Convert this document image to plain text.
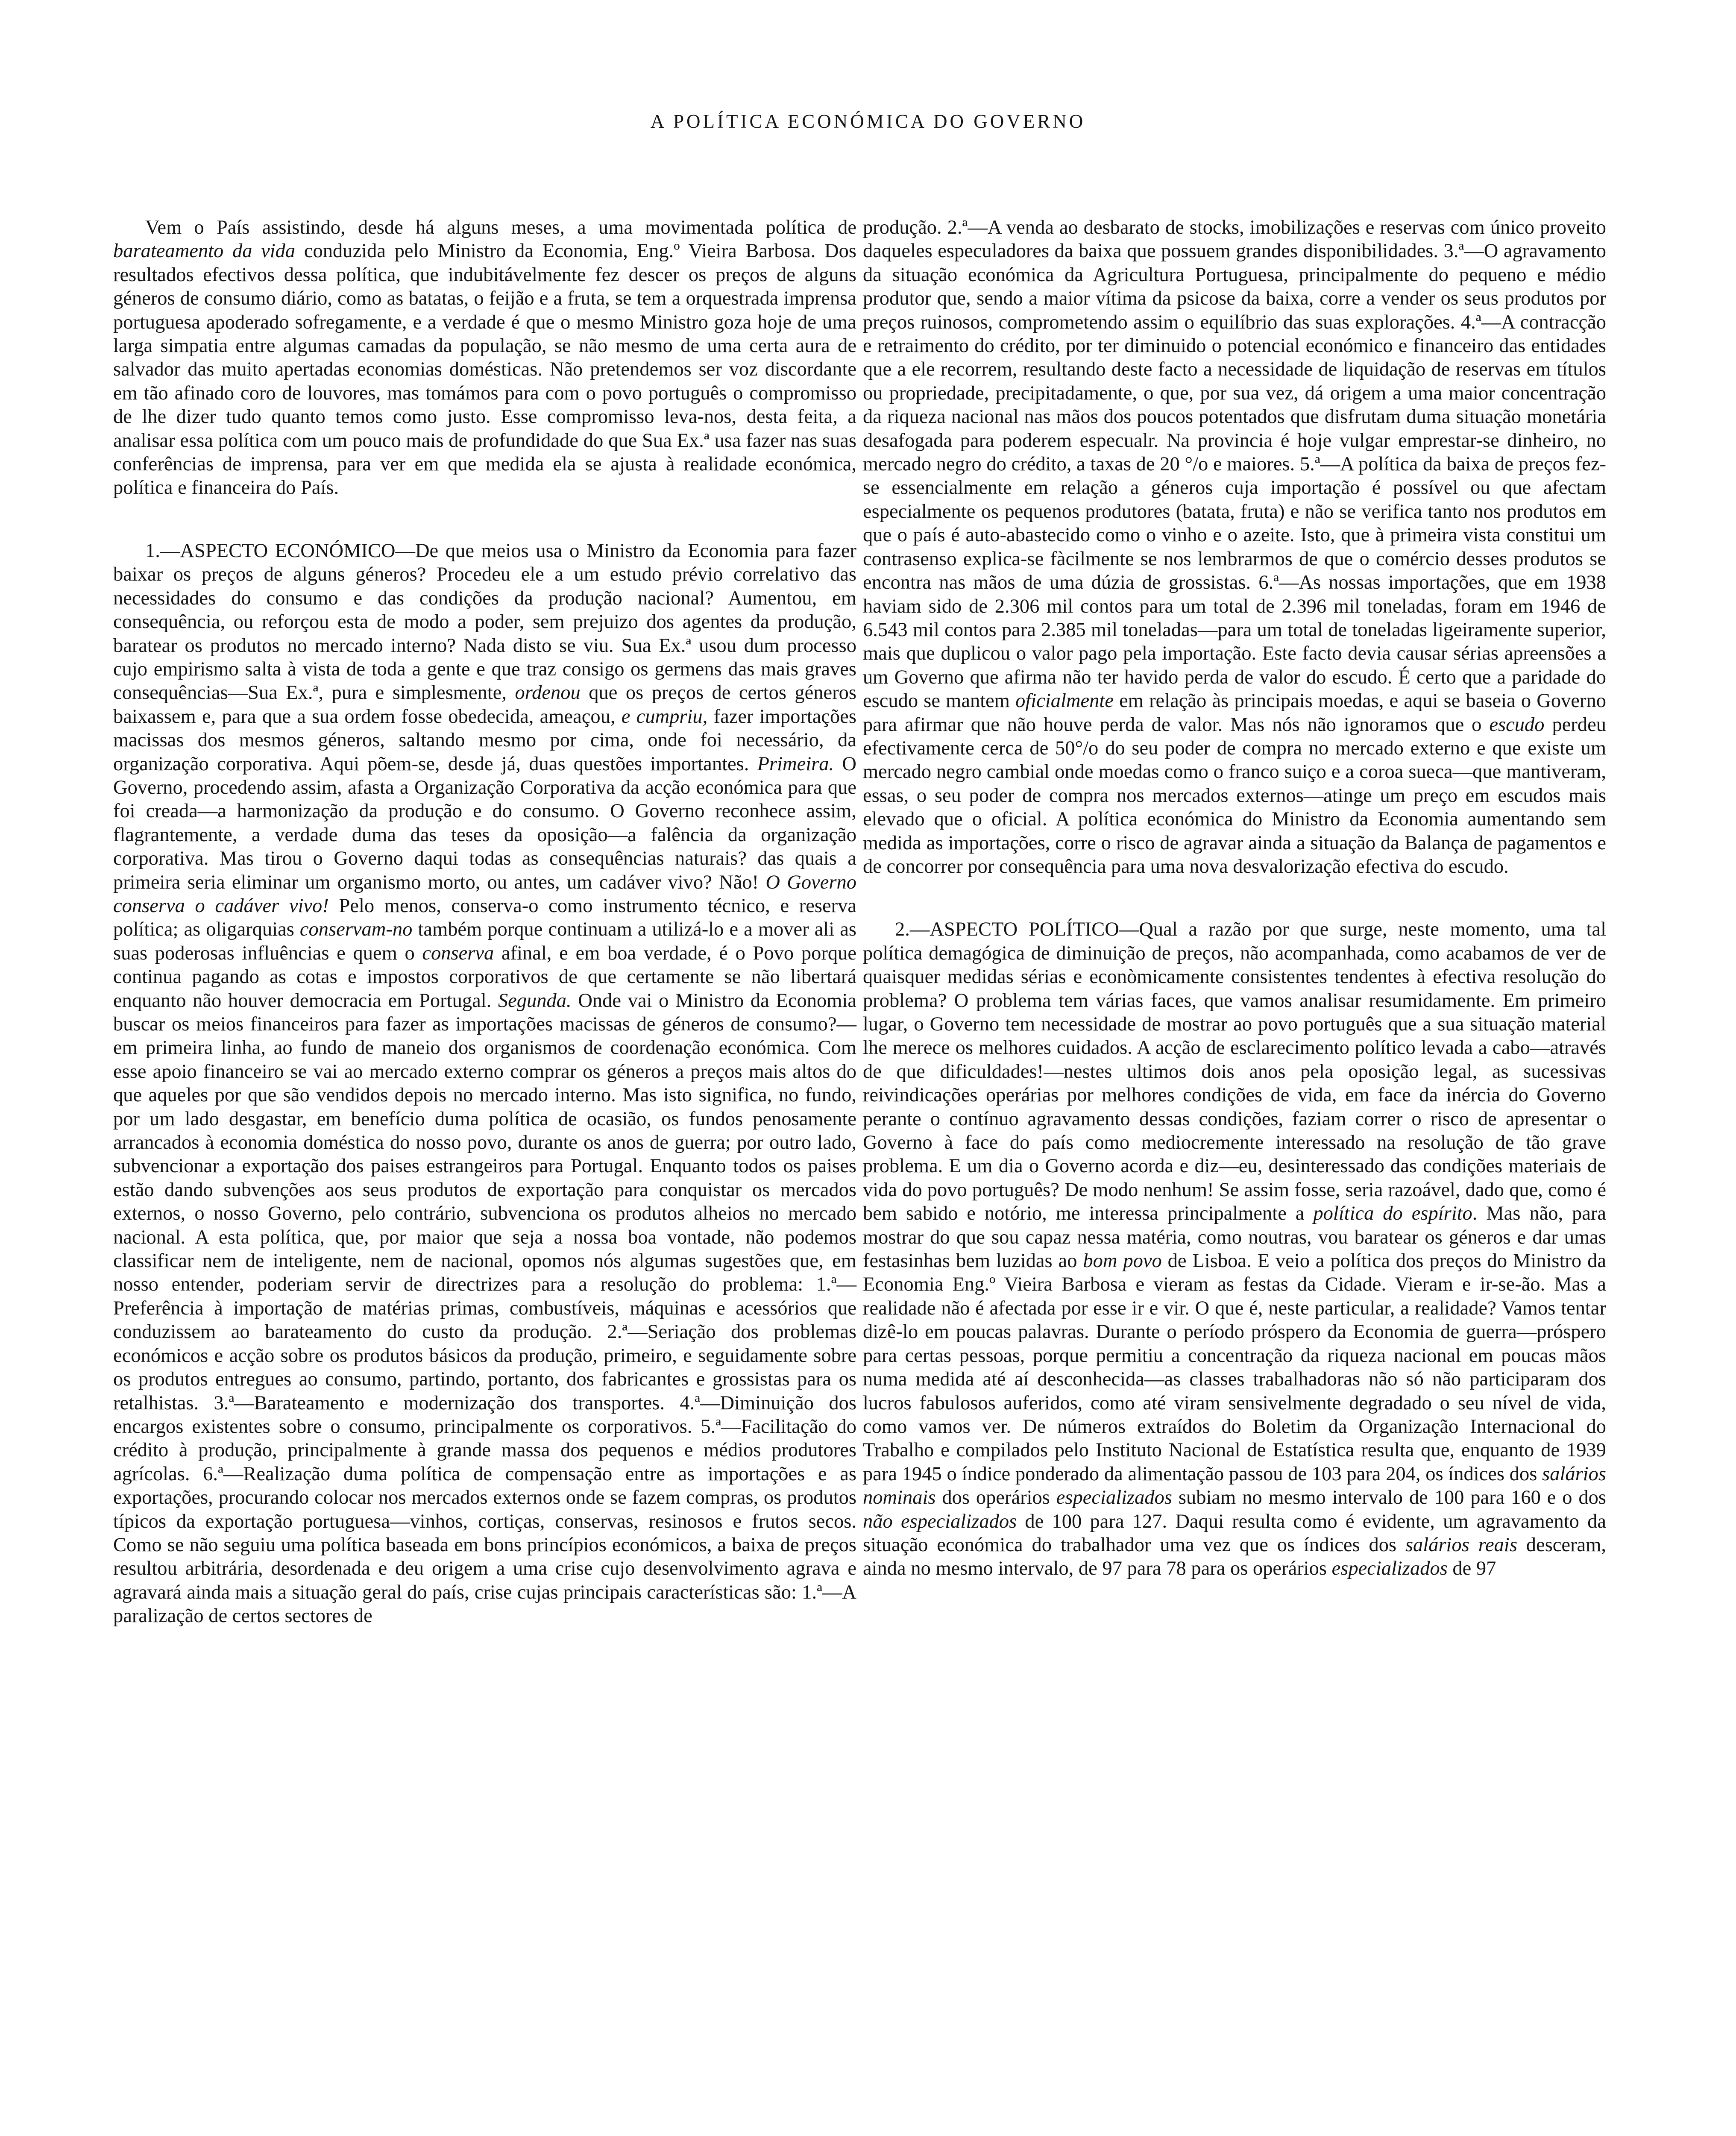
A POLÍTICA ECONÓMICA DO GOVERNO

Vem o País assistindo, desde há alguns meses, a uma movimentada política de barateamento da vida conduzida pelo Ministro da Economia, Eng.º Vieira Barbosa. Dos resultados efectivos dessa política, que indubitávelmente fez descer os preços de alguns géneros de consumo diário, como as batatas, o feijão e a fruta, se tem a orquestrada imprensa portuguesa apoderado sofregamente, e a verdade é que o mesmo Ministro goza hoje de uma larga simpatia entre algumas camadas da população, se não mesmo de uma certa aura de salvador das muito apertadas economias domésticas. Não pretendemos ser voz discordante em tão afinado coro de louvores, mas tomámos para com o povo português o compromisso de lhe dizer tudo quanto temos como justo. Esse compromisso leva-nos, desta feita, a analisar essa política com um pouco mais de profundidade do que Sua Ex.ª usa fazer nas suas conferências de imprensa, para ver em que medida ela se ajusta à realidade económica, política e financeira do País.

1.—ASPECTO ECONÓMICO—De que meios usa o Ministro da Economia para fazer baixar os preços de alguns géneros? Procedeu ele a um estudo prévio correlativo das necessidades do consumo e das condições da produção nacional? Aumentou, em consequência, ou reforçou esta de modo a poder, sem prejuizo dos agentes da produção, baratear os produtos no mercado interno? Nada disto se viu. Sua Ex.ª usou dum processo cujo empirismo salta à vista de toda a gente e que traz consigo os germens das mais graves consequências—Sua Ex.ª, pura e simplesmente, ordenou que os preços de certos géneros baixassem e, para que a sua ordem fosse obedecida, ameaçou, e cumpriu, fazer importações macissas dos mesmos géneros, saltando mesmo por cima, onde foi necessário, da organização corporativa. Aqui põem-se, desde já, duas questões importantes. Primeira. O Governo, procedendo assim, afasta a Organização Corporativa da acção económica para que foi creada—a harmonização da produção e do consumo. O Governo reconhece assim, flagrantemente, a verdade duma das teses da oposição—a falência da organização corporativa. Mas tirou o Governo daqui todas as consequências naturais? das quais a primeira seria eliminar um organismo morto, ou antes, um cadáver vivo? Não! O Governo conserva o cadáver vivo! Pelo menos, conserva-o como instrumento técnico, e reserva política; as oligarquias conservam-no também porque continuam a utilizá-lo e a mover ali as suas poderosas influências e quem o conserva afinal, e em boa verdade, é o Povo porque continua pagando as cotas e impostos corporativos de que certamente se não libertará enquanto não houver democracia em Portugal. Segunda. Onde vai o Ministro da Economia buscar os meios financeiros para fazer as importações macissas de géneros de consumo?—em primeira linha, ao fundo de maneio dos organismos de coordenação económica. Com esse apoio financeiro se vai ao mercado externo comprar os géneros a preços mais altos do que aqueles por que são vendidos depois no mercado interno. Mas isto significa, no fundo, por um lado desgastar, em benefício duma política de ocasião, os fundos penosamente arrancados à economia doméstica do nosso povo, durante os anos de guerra; por outro lado, subvencionar a exportação dos paises estrangeiros para Portugal. Enquanto todos os paises estão dando subvenções aos seus produtos de exportação para conquistar os mercados externos, o nosso Governo, pelo contrário, subvenciona os produtos alheios no mercado nacional. A esta política, que, por maior que seja a nossa boa vontade, não podemos classificar nem de inteligente, nem de nacional, opomos nós algumas sugestões que, em nosso entender, poderiam servir de directrizes para a resolução do problema: 1.ª—Preferência à importação de matérias primas, combustíveis, máquinas e acessórios que conduzissem ao barateamento do custo da produção. 2.ª—Seriação dos problemas económicos e acção sobre os produtos básicos da produção, primeiro, e seguidamente sobre os produtos entregues ao consumo, partindo, portanto, dos fabricantes e grossistas para os retalhistas. 3.ª—Barateamento e modernização dos transportes. 4.ª—Diminuição dos encargos existentes sobre o consumo, principalmente os corporativos. 5.ª—Facilitação do crédito à produção, principalmente à grande massa dos pequenos e médios produtores agrícolas. 6.ª—Realização duma política de compensação entre as importações e as exportações, procurando colocar nos mercados externos onde se fazem compras, os produtos típicos da exportação portuguesa—vinhos, cortiças, conservas, resinosos e frutos secos. Como se não seguiu uma política baseada em bons princípios económicos, a baixa de preços resultou arbitrária, desordenada e deu origem a uma crise cujo desenvolvimento agrava e agravará ainda mais a situação geral do país, crise cujas principais características são: 1.ª—A paralização de certos sectores de

produção. 2.ª—A venda ao desbarato de stocks, imobilizações e reservas com único proveito daqueles especuladores da baixa que possuem grandes disponibilidades. 3.ª—O agravamento da situação económica da Agricultura Portuguesa, principalmente do pequeno e médio produtor que, sendo a maior vítima da psicose da baixa, corre a vender os seus produtos por preços ruinosos, comprometendo assim o equilíbrio das suas explorações. 4.ª—A contracção e retraimento do crédito, por ter diminuido o potencial económico e financeiro das entidades que a ele recorrem, resultando deste facto a necessidade de liquidação de reservas em títulos ou propriedade, precipitadamente, o que, por sua vez, dá origem a uma maior concentração da riqueza nacional nas mãos dos poucos potentados que disfrutam duma situação monetária desafogada para poderem especualr. Na provincia é hoje vulgar emprestar-se dinheiro, no mercado negro do crédito, a taxas de 20 °/o e maiores. 5.ª—A política da baixa de preços fez-se essencialmente em relação a géneros cuja importação é possível ou que afectam especialmente os pequenos produtores (batata, fruta) e não se verifica tanto nos produtos em que o país é auto-abastecido como o vinho e o azeite. Isto, que à primeira vista constitui um contrasenso explica-se fàcilmente se nos lembrarmos de que o comércio desses produtos se encontra nas mãos de uma dúzia de grossistas. 6.ª—As nossas importações, que em 1938 haviam sido de 2.306 mil contos para um total de 2.396 mil toneladas, foram em 1946 de 6.543 mil contos para 2.385 mil toneladas—para um total de toneladas ligeiramente superior, mais que duplicou o valor pago pela importação. Este facto devia causar sérias apreensões a um Governo que afirma não ter havido perda de valor do escudo. É certo que a paridade do escudo se mantem oficialmente em relação às principais moedas, e aqui se baseia o Governo para afirmar que não houve perda de valor. Mas nós não ignoramos que o escudo perdeu efectivamente cerca de 50°/o do seu poder de compra no mercado externo e que existe um mercado negro cambial onde moedas como o franco suiço e a coroa sueca—que mantiveram, essas, o seu poder de compra nos mercados externos—atinge um preço em escudos mais elevado que o oficial. A política económica do Ministro da Economia aumentando sem medida as importações, corre o risco de agravar ainda a situação da Balança de pagamentos e de concorrer por consequência para uma nova desvalorização efectiva do escudo.

2.—ASPECTO POLÍTICO—Qual a razão por que surge, neste momento, uma tal política demagógica de diminuição de preços, não acompanhada, como acabamos de ver de quaisquer medidas sérias e econòmicamente consistentes tendentes à efectiva resolução do problema? O problema tem várias faces, que vamos analisar resumidamente. Em primeiro lugar, o Governo tem necessidade de mostrar ao povo português que a sua situação material lhe merece os melhores cuidados. A acção de esclarecimento político levada a cabo—através de que dificuldades!—nestes ultimos dois anos pela oposição legal, as sucessivas reivindicações operárias por melhores condições de vida, em face da inércia do Governo perante o contínuo agravamento dessas condições, faziam correr o risco de apresentar o Governo à face do país como mediocremente interessado na resolução de tão grave problema. E um dia o Governo acorda e diz—eu, desinteressado das condições materiais de vida do povo português? De modo nenhum! Se assim fosse, seria razoável, dado que, como é bem sabido e notório, me interessa principalmente a política do espírito. Mas não, para mostrar do que sou capaz nessa matéria, como noutras, vou baratear os géneros e dar umas festasinhas bem luzidas ao bom povo de Lisboa. E veio a política dos preços do Ministro da Economia Eng.º Vieira Barbosa e vieram as festas da Cidade. Vieram e ir-se-ão. Mas a realidade não é afectada por esse ir e vir. O que é, neste particular, a realidade? Vamos tentar dizê-lo em poucas palavras. Durante o período próspero da Economia de guerra—próspero para certas pessoas, porque permitiu a concentração da riqueza nacional em poucas mãos numa medida até aí desconhecida—as classes trabalhadoras não só não participaram dos lucros fabulosos auferidos, como até viram sensivelmente degradado o seu nível de vida, como vamos ver. De números extraídos do Boletim da Organização Internacional do Trabalho e compilados pelo Instituto Nacional de Estatística resulta que, enquanto de 1939 para 1945 o índice ponderado da alimentação passou de 103 para 204, os índices dos salários nominais dos operários especializados subiam no mesmo intervalo de 100 para 160 e o dos não especializados de 100 para 127. Daqui resulta como é evidente, um agravamento da situação económica do trabalhador uma vez que os índices dos salários reais desceram, ainda no mesmo intervalo, de 97 para 78 para os operários especializados de 97
